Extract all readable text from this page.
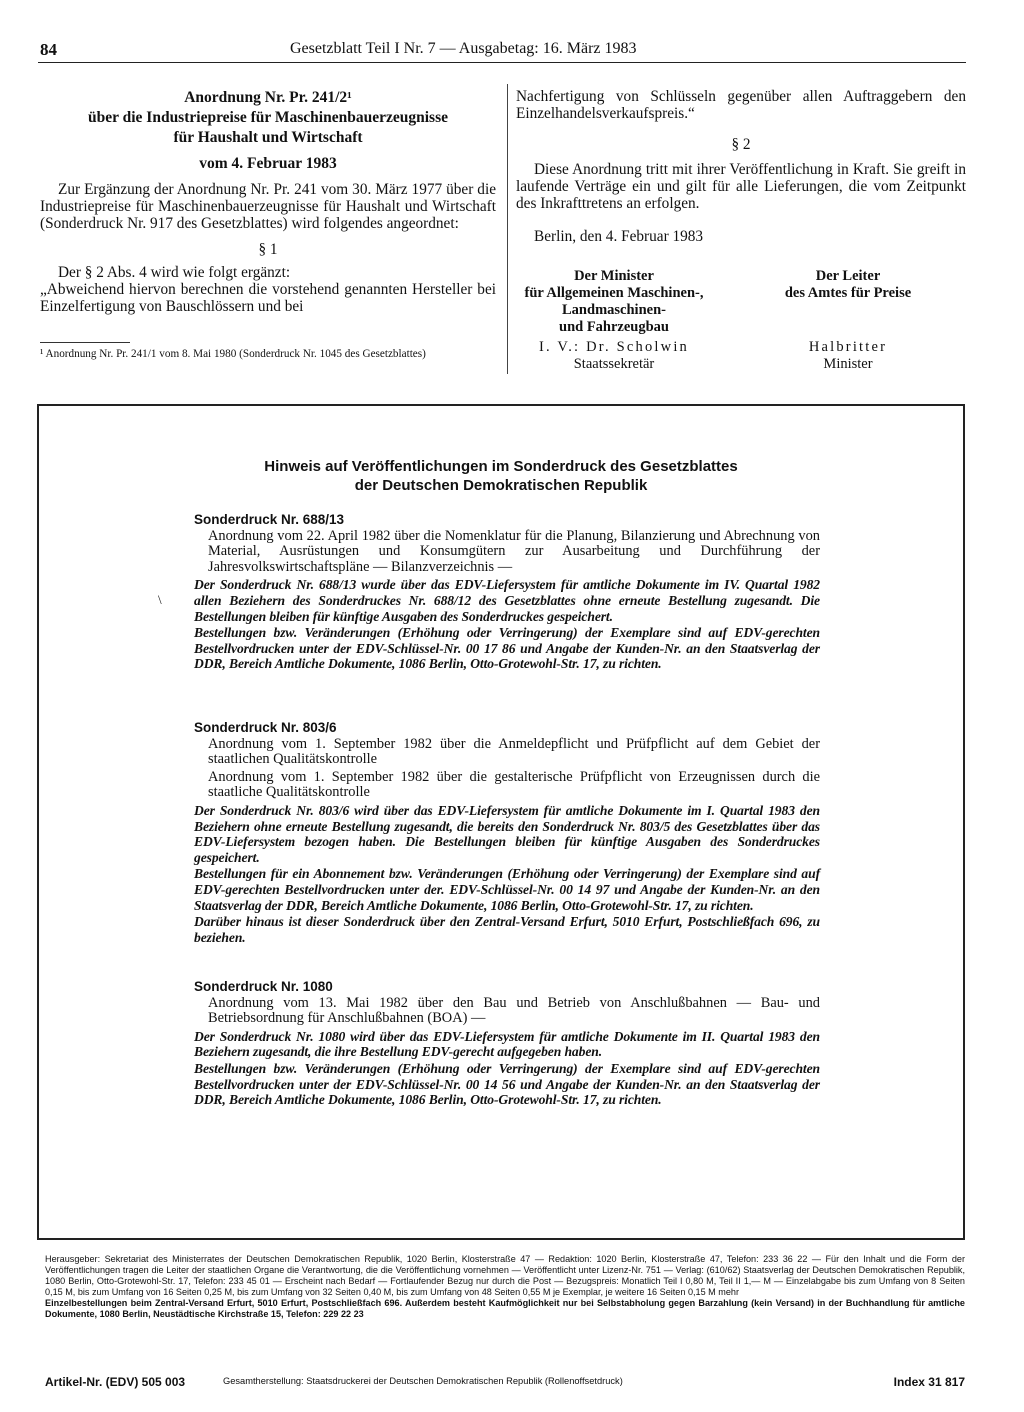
84	Gesetzblatt Teil I Nr. 7 — Ausgabetag: 16. März 1983

Anordnung Nr. Pr. 241/2¹

über die Industriepreise für Maschinenbauerzeugnisse

für Haushalt und Wirtschaft

vom 4. Februar 1983

Zur Ergänzung der Anordnung Nr. Pr. 241 vom 30. März 1977 über die Industriepreise für Maschinenbauerzeugnisse für Haushalt und Wirtschaft (Sonderdruck Nr. 917 des Gesetzblattes) wird folgendes angeordnet:

§ 1

Der § 2 Abs. 4 wird wie folgt ergänzt:

„Abweichend hiervon berechnen die vorstehend genannten Hersteller bei Einzelfertigung von Bauschlössern und bei

¹ Anordnung Nr. Pr. 241/1 vom 8. Mai 1980 (Sonderdruck Nr. 1045 des Gesetzblattes)

Nachfertigung von Schlüsseln gegenüber allen Auftraggebern den Einzelhandelsverkaufspreis.“

§ 2

Diese Anordnung tritt mit ihrer Veröffentlichung in Kraft. Sie greift in laufende Verträge ein und gilt für alle Lieferungen, die vom Zeitpunkt des Inkrafttretens an erfolgen.

Berlin, den 4. Februar 1983

Der Minister
für Allgemeinen Maschinen-,
Landmaschinen-
und Fahrzeugbau
I. V.: Dr. Scholwin
Staatssekretär
Der Leiter
des Amtes für Preise
Halbritter
Minister
Hinweis auf Veröffentlichungen im Sonderdruck des Gesetzblattes
der Deutschen Demokratischen Republik
\

Sonderdruck Nr. 688/13

Anordnung vom 22. April 1982 über die Nomenklatur für die Planung, Bilanzierung und Abrechnung von Material, Ausrüstungen und Konsumgütern zur Ausarbeitung und Durchführung der Jahresvolkswirtschaftspläne — Bilanzverzeichnis —

Der Sonderdruck Nr. 688/13 wurde über das EDV-Liefersystem für amtliche Dokumente im IV. Quartal 1982 allen Beziehern des Sonderdruckes Nr. 688/12 des Gesetzblattes ohne erneute Bestellung zugesandt. Die Bestellungen bleiben für künftige Ausgaben des Sonderdruckes gespeichert.

Bestellungen bzw. Veränderungen (Erhöhung oder Verringerung) der Exemplare sind auf EDV-gerechten Bestellvordrucken unter der EDV-Schlüssel-Nr. 00 17 86 und Angabe der Kunden-Nr. an den Staatsverlag der DDR, Bereich Amtliche Dokumente, 1086 Berlin, Otto-Grotewohl-Str. 17, zu richten.

Sonderdruck Nr. 803/6

Anordnung vom 1. September 1982 über die Anmeldepflicht und Prüfpflicht auf dem Gebiet der staatlichen Qualitätskontrolle

Anordnung vom 1. September 1982 über die gestalterische Prüfpflicht von Erzeugnissen durch die staatliche Qualitätskontrolle

Der Sonderdruck Nr. 803/6 wird über das EDV-Liefersystem für amtliche Dokumente im I. Quartal 1983 den Beziehern ohne erneute Bestellung zugesandt, die bereits den Sonderdruck Nr. 803/5 des Gesetzblattes über das EDV-Liefersystem bezogen haben. Die Bestellungen bleiben für künftige Ausgaben des Sonderdruckes gespeichert.

Bestellungen für ein Abonnement bzw. Veränderungen (Erhöhung oder Verringerung) der Exemplare sind auf EDV-gerechten Bestellvordrucken unter der. EDV-Schlüssel-Nr. 00 14 97 und Angabe der Kunden-Nr. an den Staatsverlag der DDR, Bereich Amtliche Dokumente, 1086 Berlin, Otto-Grotewohl-Str. 17, zu richten.

Darüber hinaus ist dieser Sonderdruck über den Zentral-Versand Erfurt, 5010 Erfurt, Postschließfach 696, zu beziehen.

Sonderdruck Nr. 1080

Anordnung vom 13. Mai 1982 über den Bau und Betrieb von Anschlußbahnen — Bau- und Betriebsordnung für Anschlußbahnen (BOA) —

Der Sonderdruck Nr. 1080 wird über das EDV-Liefersystem für amtliche Dokumente im II. Quartal 1983 den Beziehern zugesandt, die ihre Bestellung EDV-gerecht aufgegeben haben.

Bestellungen bzw. Veränderungen (Erhöhung oder Verringerung) der Exemplare sind auf EDV-gerechten Bestellvordrucken unter der EDV-Schlüssel-Nr. 00 14 56 und Angabe der Kunden-Nr. an den Staatsverlag der DDR, Bereich Amtliche Dokumente, 1086 Berlin, Otto-Grotewohl-Str. 17, zu richten.

Herausgeber: Sekretariat des Ministerrates der Deutschen Demokratischen Republik, 1020 Berlin, Klosterstraße 47 — Redaktion: 1020 Berlin, Klosterstraße 47, Telefon: 233 36 22 — Für den Inhalt und die Form der Veröffentlichungen tragen die Leiter der staatlichen Organe die Verantwortung, die die Veröffentlichung vornehmen — Veröffentlicht unter Lizenz-Nr. 751 — Verlag: (610/62) Staatsverlag der Deutschen Demokratischen Republik, 1080 Berlin, Otto-Grotewohl-Str. 17, Telefon: 233 45 01 — Erscheint nach Bedarf — Fortlaufender Bezug nur durch die Post — Bezugspreis: Monatlich Teil I 0,80 M, Teil II 1,— M — Einzelabgabe bis zum Umfang von 8 Seiten 0,15 M, bis zum Umfang von 16 Seiten 0,25 M, bis zum Umfang von 32 Seiten 0,40 M, bis zum Umfang von 48 Seiten 0,55 M je Exemplar, je weitere 16 Seiten 0,15 M mehr

Einzelbestellungen beim Zentral-Versand Erfurt, 5010 Erfurt, Postschließfach 696. Außerdem besteht Kaufmöglichkeit nur bei Selbstabholung gegen Barzahlung (kein Versand) in der Buchhandlung für amtliche Dokumente, 1080 Berlin, Neustädtische Kirchstraße 15, Telefon: 229 22 23

Artikel-Nr. (EDV) 505 003	Gesamtherstellung: Staatsdruckerei der Deutschen Demokratischen Republik (Rollenoffsetdruck)	Index 31 817
